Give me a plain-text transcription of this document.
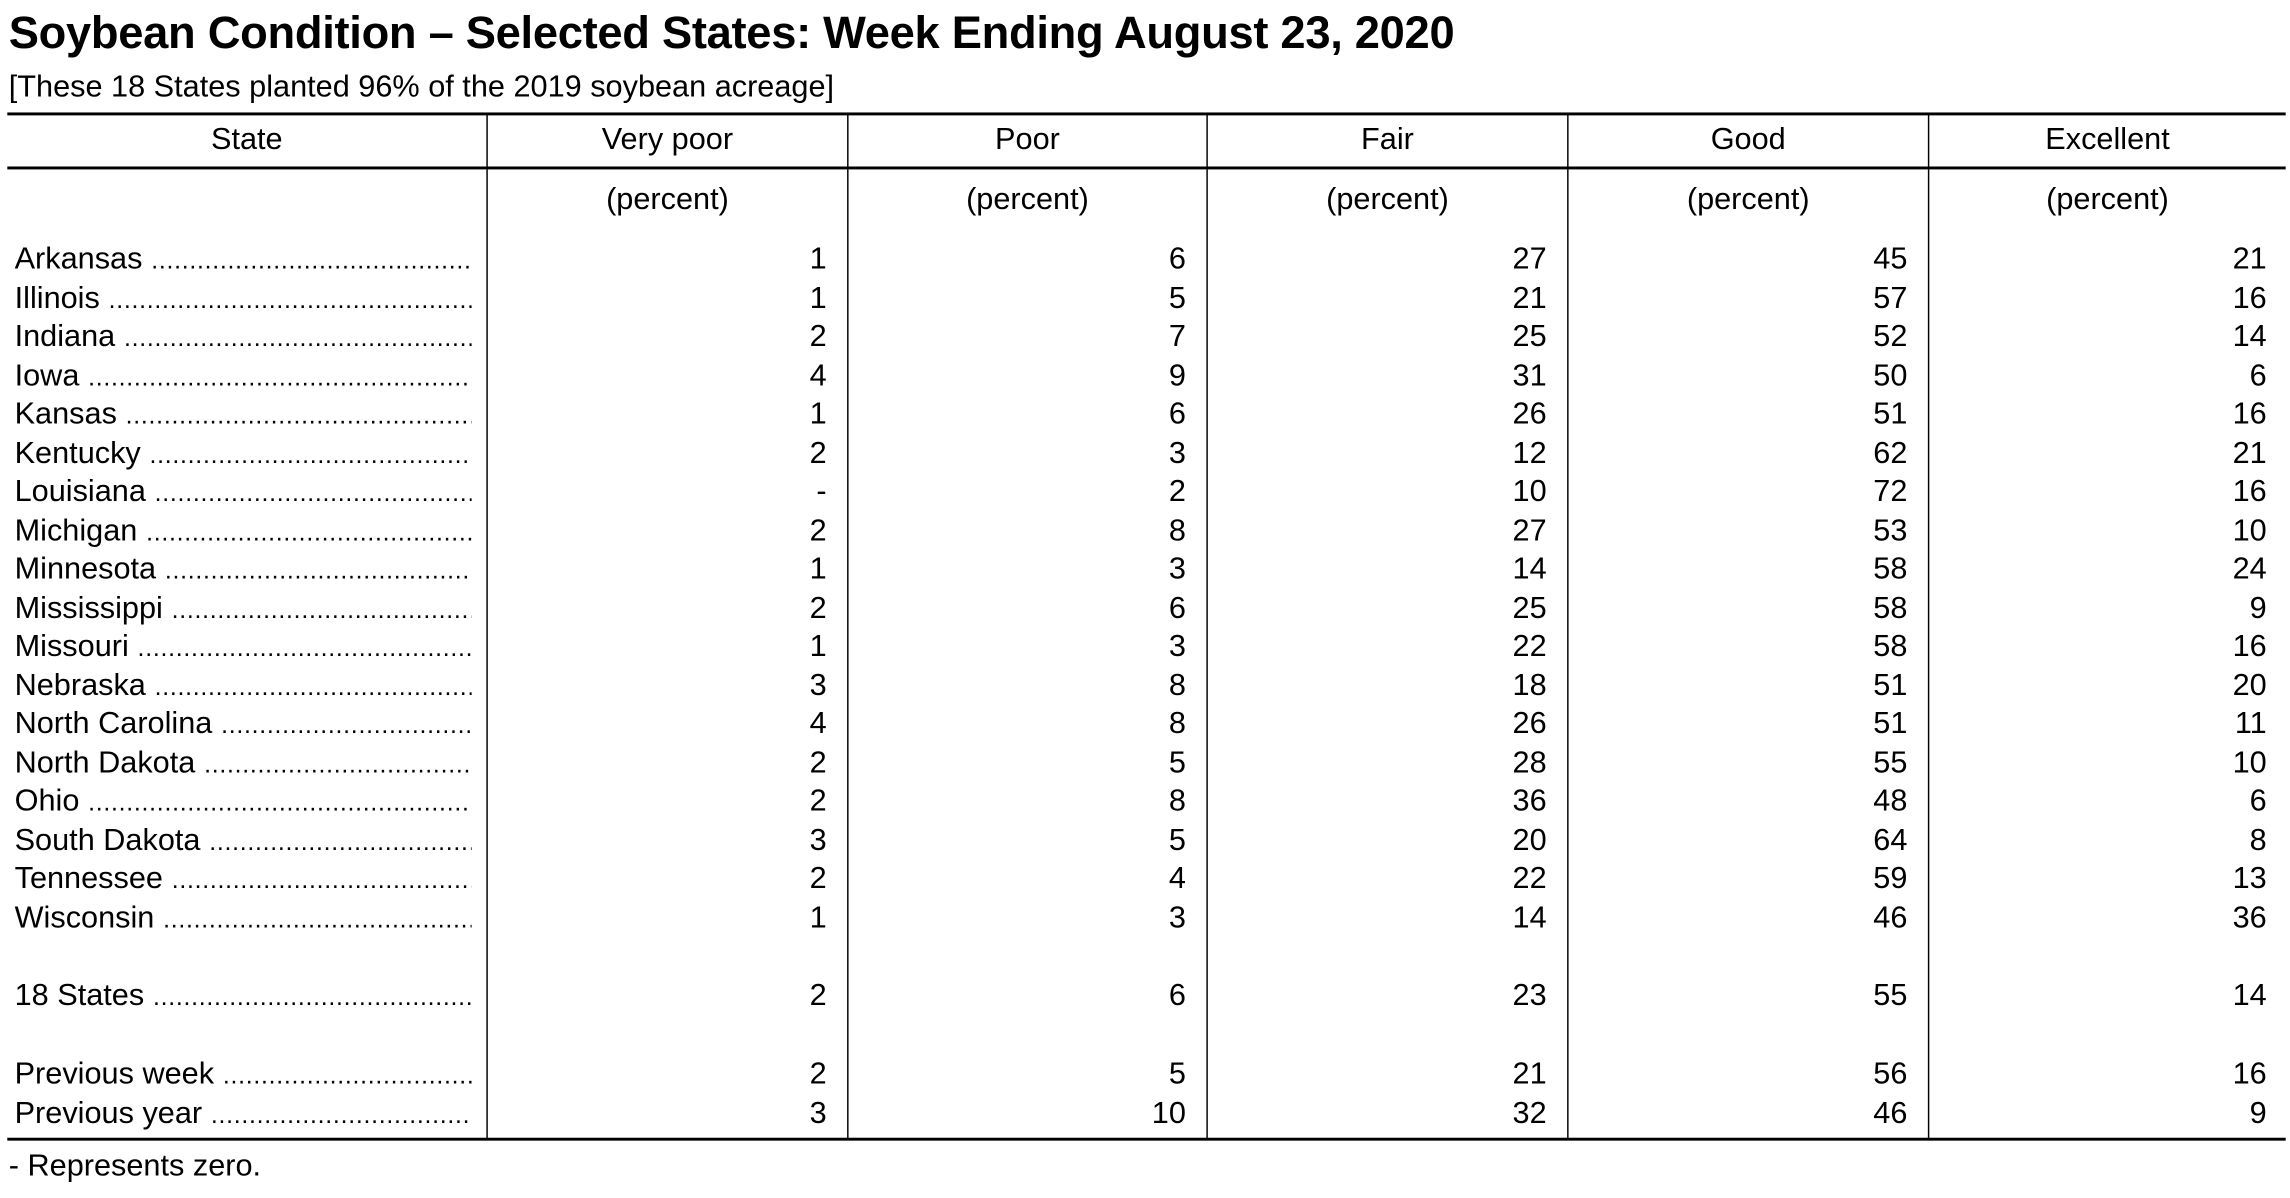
Soybean Condition – Selected States: Week Ending August 23, 2020
[These 18 States planted 96% of the 2019 soybean acreage]
State	Very poor	Poor	Fair	Good	Excellent
(percent)	(percent)	(percent)	(percent)	(percent)
Arkansas .....	1	6	27	45	21
Illinois .....	1	5	21	57	16
Indiana .....	2	7	25	52	14
Iowa .....	4	9	31	50	6
Kansas .....	1	6	26	51	16
Kentucky .....	2	3	12	62	21
Louisiana .....	-	2	10	72	16
Michigan .....	2	8	27	53	10
Minnesota .....	1	3	14	58	24
Mississippi .....	2	6	25	58	9
Missouri .....	1	3	22	58	16
Nebraska .....	3	8	18	51	20
North Carolina .....	4	8	26	51	11
North Dakota .....	2	5	28	55	10
Ohio .....	2	8	36	48	6
South Dakota .....	3	5	20	64	8
Tennessee .....	2	4	22	59	13
Wisconsin .....	1	3	14	46	36
18 States .....	2	6	23	55	14
Previous week .....	2	5	21	56	16
Previous year .....	3	10	32	46	9
- Represents zero.
